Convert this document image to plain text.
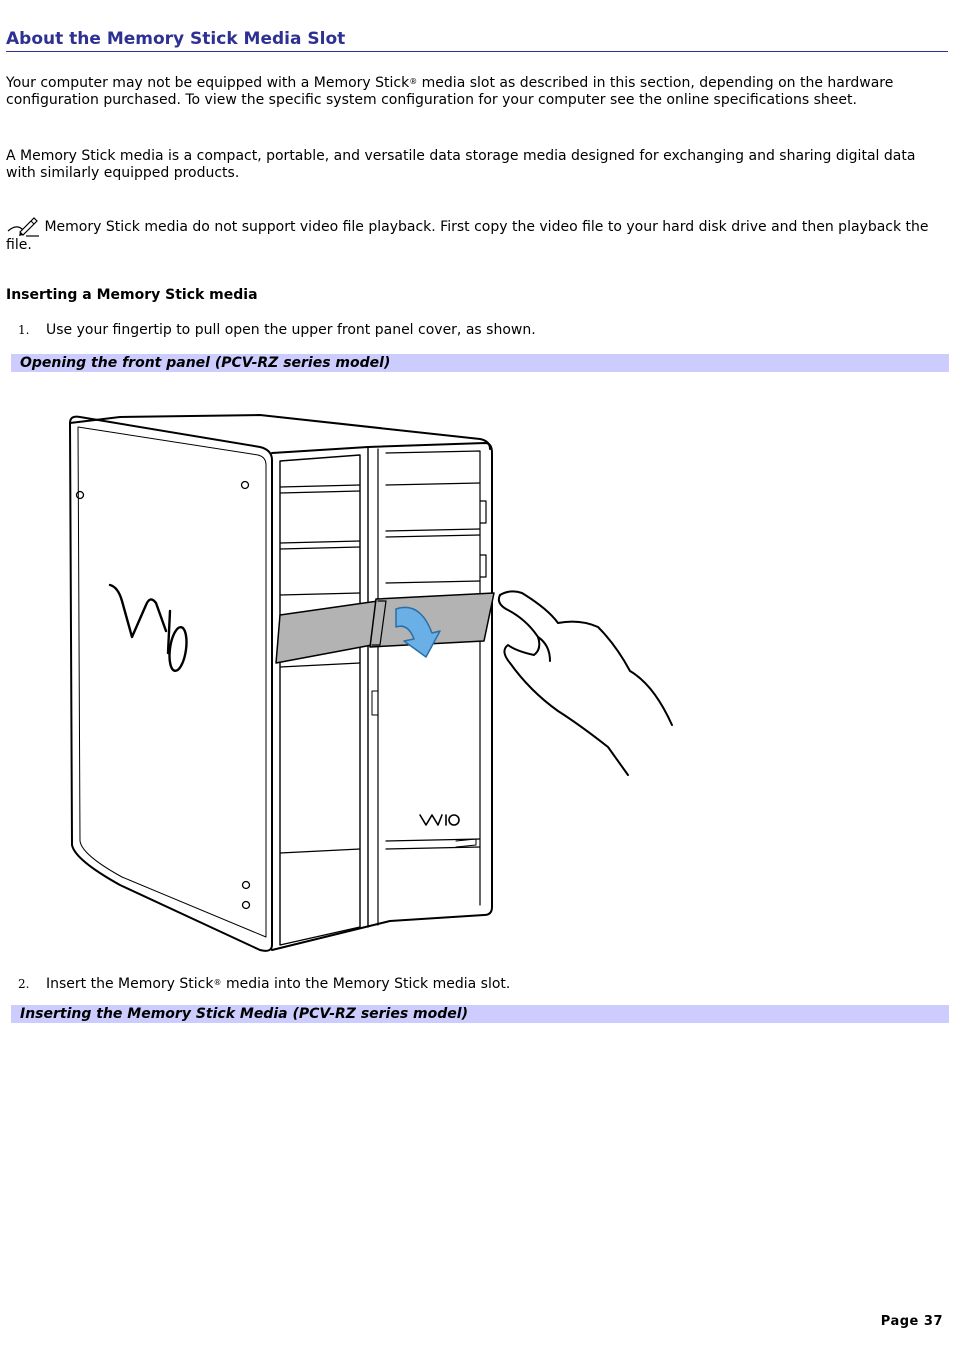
About the Memory Stick Media Slot
Your computer may not be equipped with a Memory Stick® media slot as described in this section, depending on the hardware configuration purchased. To view the specific system configuration for your computer see the online specifications sheet.
A Memory Stick media is a compact, portable, and versatile data storage media designed for exchanging and sharing digital data with similarly equipped products.
Memory Stick media do not support video file playback. First copy the video file to your hard disk drive and then playback the file.
Inserting a Memory Stick media
1. Use your fingertip to pull open the upper front panel cover, as shown.
Opening the front panel (PCV-RZ series model)
2. Insert the Memory Stick® media into the Memory Stick media slot.
Inserting the Memory Stick Media (PCV-RZ series model)
Page 37
